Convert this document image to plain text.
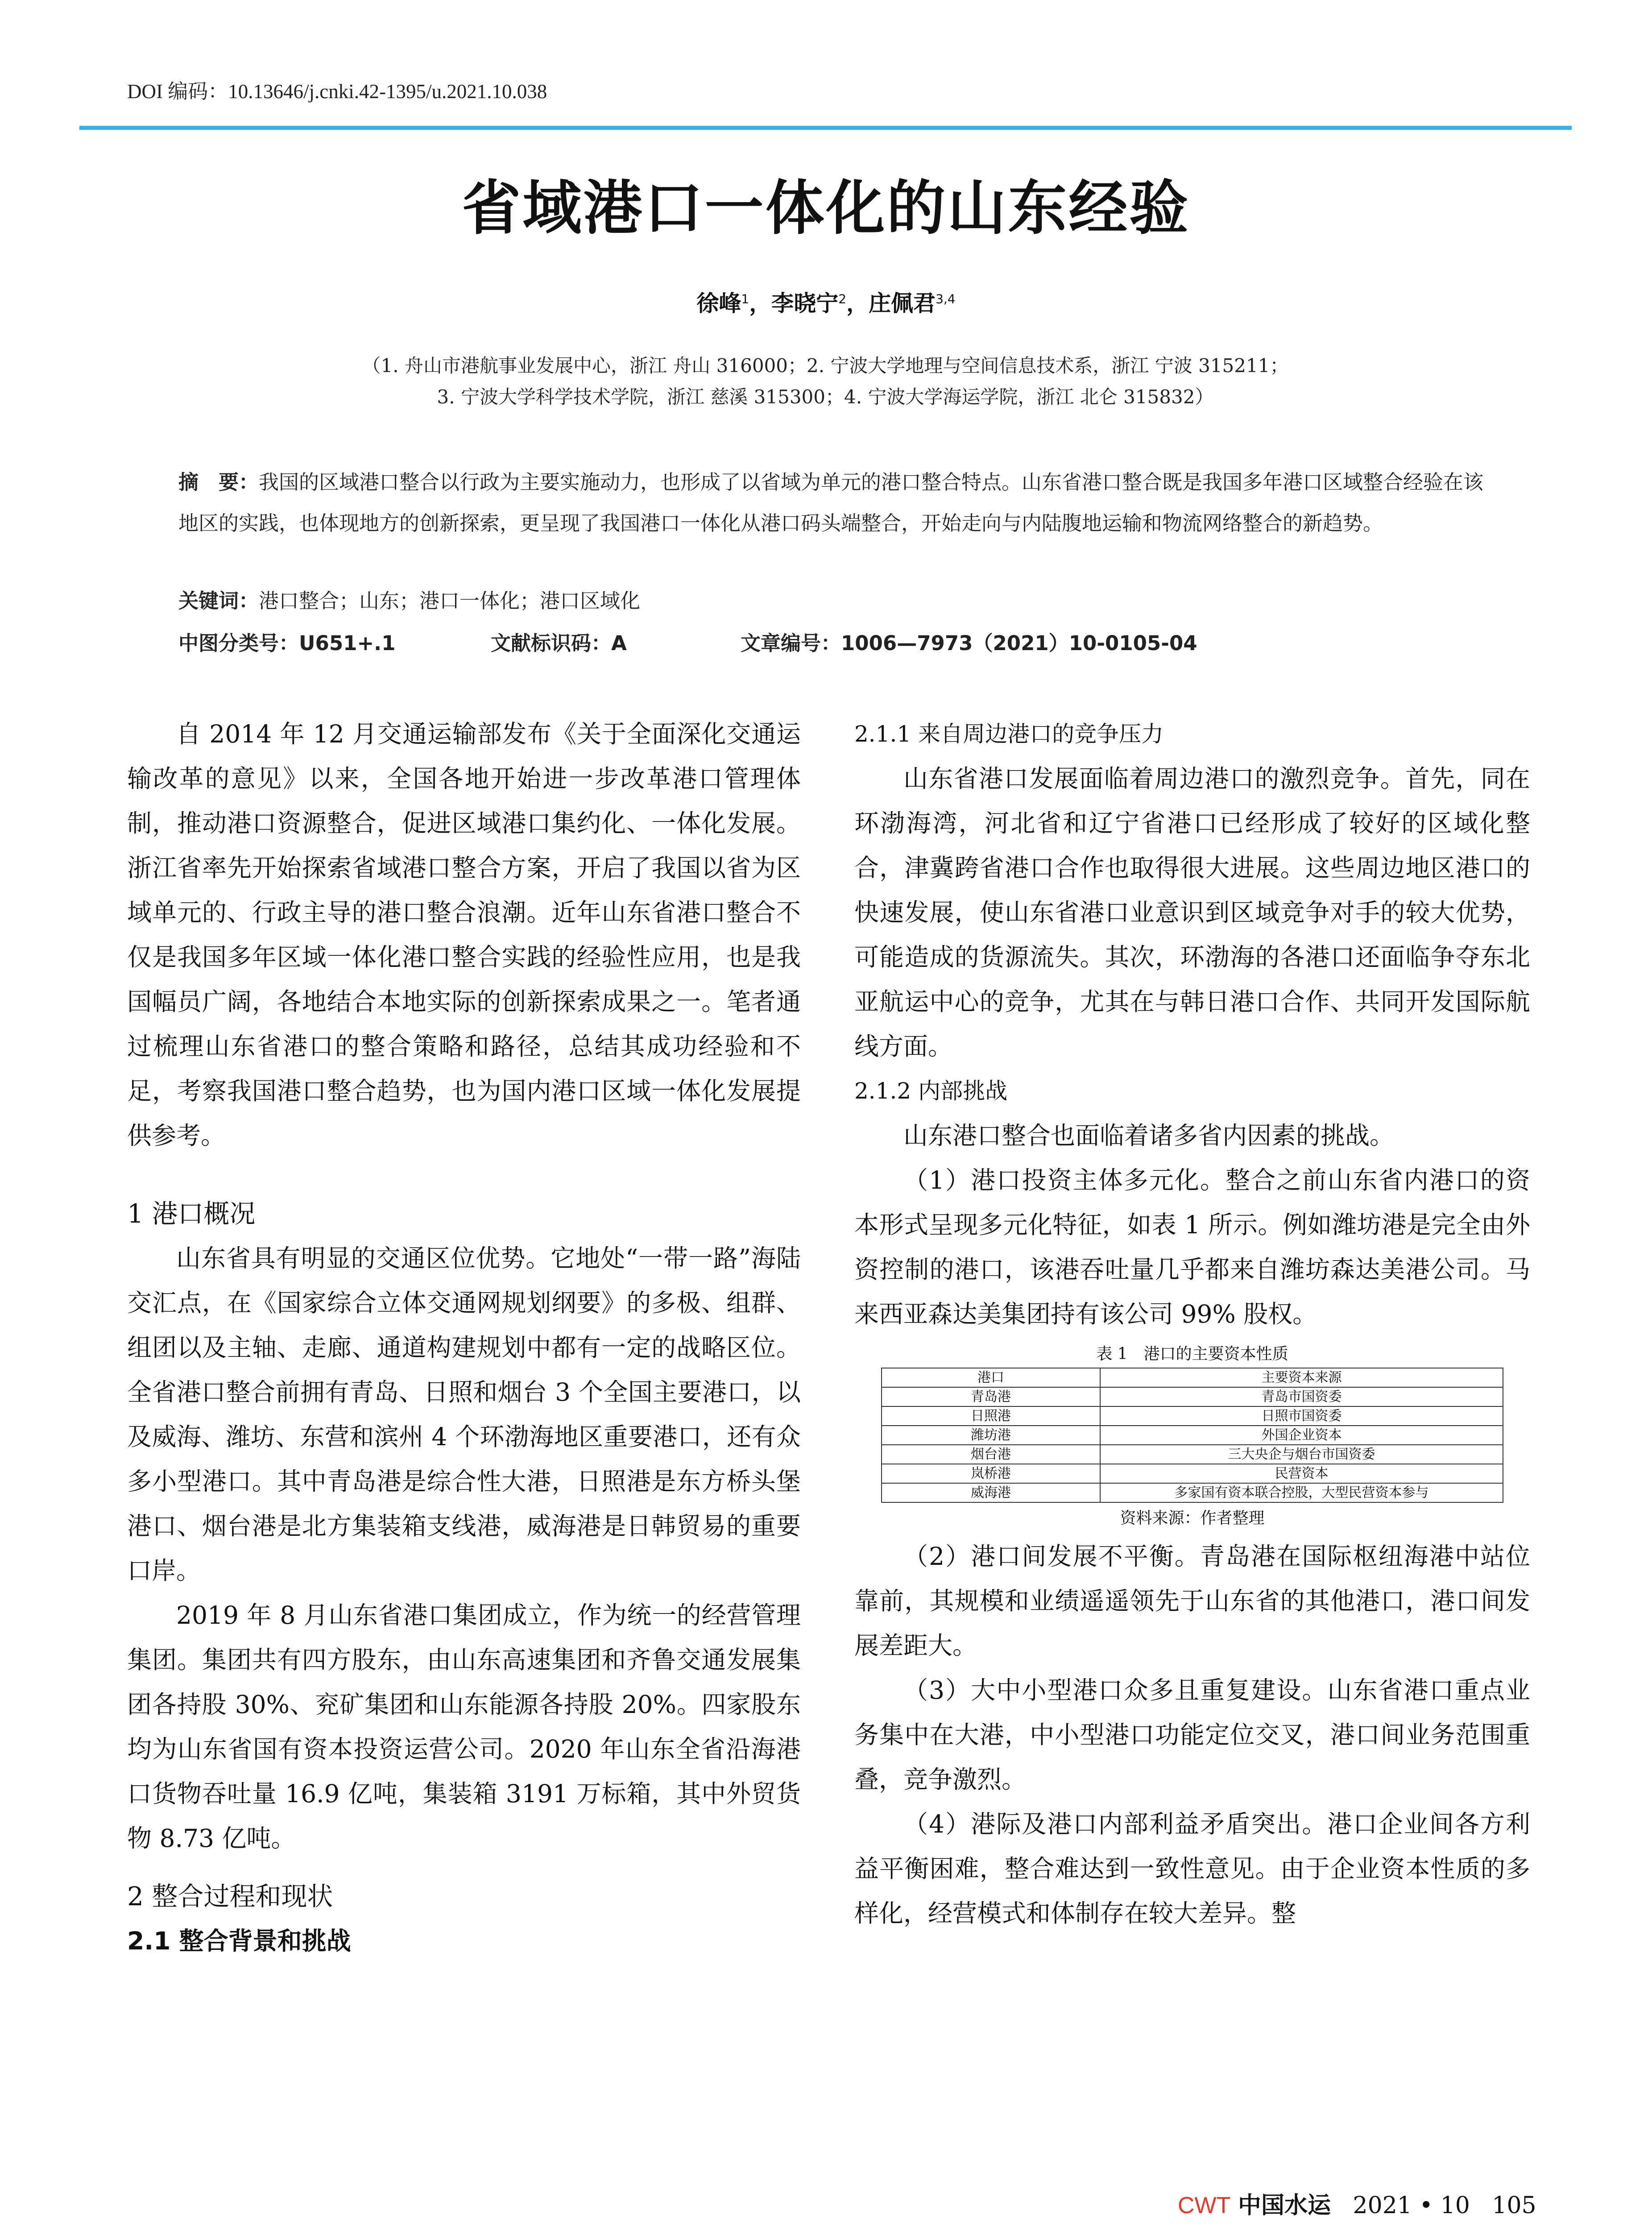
DOI 编码：10.13646/j.cnki.42-1395/u.2021.10.038
省域港口一体化的山东经验
徐峰$^1$，李晓宁$^2$，庄佩君$^{3,4}$
（1. 舟山市港航事业发展中心，浙江 舟山 316000；2. 宁波大学地理与空间信息技术系，浙江 宁波 315211；
3. 宁波大学科学技术学院，浙江 慈溪 315300；4. 宁波大学海运学院，浙江 北仑 315832）
摘　要：我国的区域港口整合以行政为主要实施动力，也形成了以省域为单元的港口整合特点。山东省港口整合既是我国多年港口区域整合经验在该地区的实践，也体现地方的创新探索，更呈现了我国港口一体化从港口码头端整合，开始走向与内陆腹地运输和物流网络整合的新趋势。
关键词：港口整合；山东；港口一体化；港口区域化
中图分类号：U651+.1	文献标识码：A	文章编号：1006—7973（2021）10-0105-04

自 2014 年 12 月交通运输部发布《关于全面深化交通运输改革的意见》以来，全国各地开始进一步改革港口管理体制，推动港口资源整合，促进区域港口集约化、一体化发展。浙江省率先开始探索省域港口整合方案，开启了我国以省为区域单元的、行政主导的港口整合浪潮。近年山东省港口整合不仅是我国多年区域一体化港口整合实践的经验性应用，也是我国幅员广阔，各地结合本地实际的创新探索成果之一。笔者通过梳理山东省港口的整合策略和路径，总结其成功经验和不足，考察我国港口整合趋势，也为国内港口区域一体化发展提供参考。

1 港口概况

山东省具有明显的交通区位优势。它地处“一带一路”海陆交汇点，在《国家综合立体交通网规划纲要》的多极、组群、组团以及主轴、走廊、通道构建规划中都有一定的战略区位。全省港口整合前拥有青岛、日照和烟台 3 个全国主要港口，以及威海、潍坊、东营和滨州 4 个环渤海地区重要港口，还有众多小型港口。其中青岛港是综合性大港，日照港是东方桥头堡港口、烟台港是北方集装箱支线港，威海港是日韩贸易的重要口岸。

2019 年 8 月山东省港口集团成立，作为统一的经营管理集团。集团共有四方股东，由山东高速集团和齐鲁交通发展集团各持股 30%、兖矿集团和山东能源各持股 20%。四家股东均为山东省国有资本投资运营公司。2020 年山东全省沿海港口货物吞吐量 16.9 亿吨，集装箱 3191 万标箱，其中外贸货物 8.73 亿吨。

2 整合过程和现状

2.1 整合背景和挑战

2.1.1 来自周边港口的竞争压力

山东省港口发展面临着周边港口的激烈竞争。首先，同在环渤海湾，河北省和辽宁省港口已经形成了较好的区域化整合，津冀跨省港口合作也取得很大进展。这些周边地区港口的快速发展，使山东省港口业意识到区域竞争对手的较大优势，可能造成的货源流失。其次，环渤海的各港口还面临争夺东北亚航运中心的竞争，尤其在与韩日港口合作、共同开发国际航线方面。

2.1.2 内部挑战

山东港口整合也面临着诸多省内因素的挑战。

（1）港口投资主体多元化。整合之前山东省内港口的资本形式呈现多元化特征，如表 1 所示。例如潍坊港是完全由外资控制的港口，该港吞吐量几乎都来自潍坊森达美港公司。马来西亚森达美集团持有该公司 99% 股权。

表 1　港口的主要资本性质
港口	主要资本来源
青岛港	青岛市国资委
日照港	日照市国资委
潍坊港	外国企业资本
烟台港	三大央企与烟台市国资委
岚桥港	民营资本
威海港	多家国有资本联合控股，大型民营资本参与
资料来源：作者整理

（2）港口间发展不平衡。青岛港在国际枢纽海港中站位靠前，其规模和业绩遥遥领先于山东省的其他港口，港口间发展差距大。

（3）大中小型港口众多且重复建设。山东省港口重点业务集中在大港，中小型港口功能定位交叉，港口间业务范围重叠，竞争激烈。

（4）港际及港口内部利益矛盾突出。港口企业间各方利益平衡困难，整合难达到一致性意见。由于企业资本性质的多样化，经营模式和体制存在较大差异。整

CWT 中国水运 2021 • 10 105
